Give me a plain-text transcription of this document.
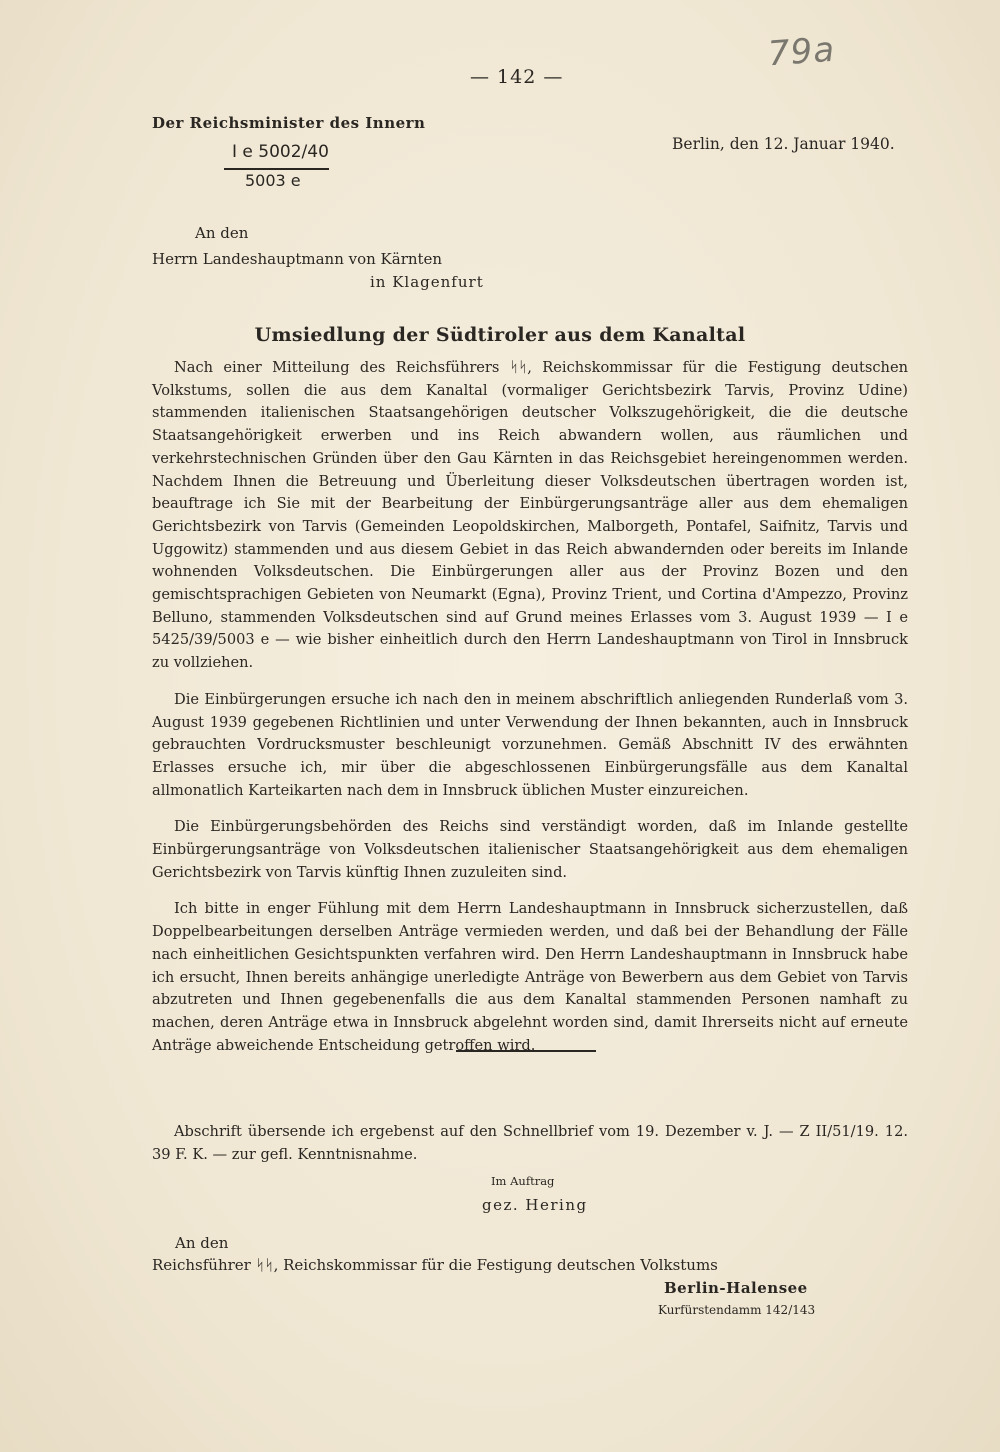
— 142 —
79a
Der Reichsminister des Innern
I e 5002/40
5003 e
Berlin, den 12. Januar 1940.
An den
Herrn Landeshauptmann von Kärnten
in Klagenfurt
Umsiedlung der Südtiroler aus dem Kanaltal

Nach einer Mitteilung des Reichsführers ᛋᛋ, Reichskommissar für die Festigung deutschen Volkstums, sollen die aus dem Kanaltal (vormaliger Gerichtsbezirk Tarvis, Provinz Udine) stammenden italienischen Staatsangehörigen deutscher Volkszugehörigkeit, die die deutsche Staatsangehörigkeit erwerben und ins Reich abwandern wollen, aus räumlichen und verkehrstechnischen Gründen über den Gau Kärnten in das Reichsgebiet hereingenommen werden. Nachdem Ihnen die Betreuung und Überleitung dieser Volksdeutschen übertragen worden ist, beauftrage ich Sie mit der Bearbeitung der Einbürgerungsanträge aller aus dem ehemaligen Gerichtsbezirk von Tarvis (Gemeinden Leopoldskirchen, Malborgeth, Pontafel, Saifnitz, Tarvis und Uggowitz) stammenden und aus diesem Gebiet in das Reich abwandernden oder bereits im Inlande wohnenden Volksdeutschen. Die Einbürgerungen aller aus der Provinz Bozen und den gemischtsprachigen Gebieten von Neumarkt (Egna), Provinz Trient, und Cortina d'Ampezzo, Provinz Belluno, stammenden Volksdeutschen sind auf Grund meines Erlasses vom 3. August 1939 — I e 5425/39/5003 e — wie bisher einheitlich durch den Herrn Landeshauptmann von Tirol in Innsbruck zu vollziehen.

Die Einbürgerungen ersuche ich nach den in meinem abschriftlich anliegenden Runderlaß vom 3. August 1939 gegebenen Richtlinien und unter Verwendung der Ihnen bekannten, auch in Innsbruck gebrauchten Vordrucksmuster beschleunigt vorzunehmen. Gemäß Abschnitt IV des erwähnten Erlasses ersuche ich, mir über die abgeschlossenen Einbürgerungsfälle aus dem Kanaltal allmonatlich Karteikarten nach dem in Innsbruck üblichen Muster einzureichen.

Die Einbürgerungsbehörden des Reichs sind verständigt worden, daß im Inlande gestellte Einbürgerungsanträge von Volksdeutschen italienischer Staatsangehörigkeit aus dem ehemaligen Gerichtsbezirk von Tarvis künftig Ihnen zuzuleiten sind.

Ich bitte in enger Fühlung mit dem Herrn Landeshauptmann in Innsbruck sicherzustellen, daß Doppelbearbeitungen derselben Anträge vermieden werden, und daß bei der Behandlung der Fälle nach einheitlichen Gesichtspunkten verfahren wird. Den Herrn Landeshauptmann in Innsbruck habe ich ersucht, Ihnen bereits anhängige unerledigte Anträge von Bewerbern aus dem Gebiet von Tarvis abzutreten und Ihnen gegebenenfalls die aus dem Kanaltal stammenden Personen namhaft zu machen, deren Anträge etwa in Innsbruck abgelehnt worden sind, damit Ihrerseits nicht auf erneute Anträge abweichende Entscheidung getroffen wird.

Abschrift übersende ich ergebenst auf den Schnellbrief vom 19. Dezember v. J. — Z II/51/19. 12. 39 F. K. — zur gefl. Kenntnisnahme.
Im Auftrag
gez. Hering
An den
Reichsführer ᛋᛋ, Reichskommissar für die Festigung deutschen Volkstums
Berlin-Halensee
Kurfürstendamm 142/143
